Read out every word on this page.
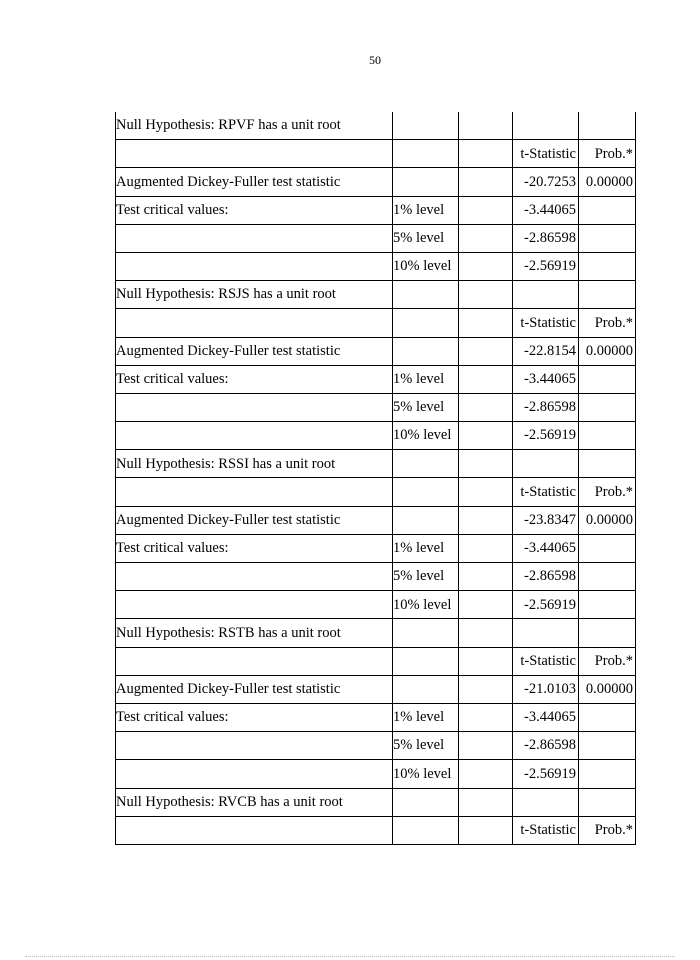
50
Null Hypothesis: RPVF has a unit root				
			t-Statistic	Prob.*
Augmented Dickey-Fuller test statistic			-20.7253	0.00000
Test critical values:	1% level		-3.44065	
	5% level		-2.86598	
	10% level		-2.56919	
Null Hypothesis: RSJS has a unit root				
			t-Statistic	Prob.*
Augmented Dickey-Fuller test statistic			-22.8154	0.00000
Test critical values:	1% level		-3.44065	
	5% level		-2.86598	
	10% level		-2.56919	
Null Hypothesis: RSSI has a unit root				
			t-Statistic	Prob.*
Augmented Dickey-Fuller test statistic			-23.8347	0.00000
Test critical values:	1% level		-3.44065	
	5% level		-2.86598	
	10% level		-2.56919	
Null Hypothesis: RSTB has a unit root				
			t-Statistic	Prob.*
Augmented Dickey-Fuller test statistic			-21.0103	0.00000
Test critical values:	1% level		-3.44065	
	5% level		-2.86598	
	10% level		-2.56919	
Null Hypothesis: RVCB has a unit root				
			t-Statistic	Prob.*
